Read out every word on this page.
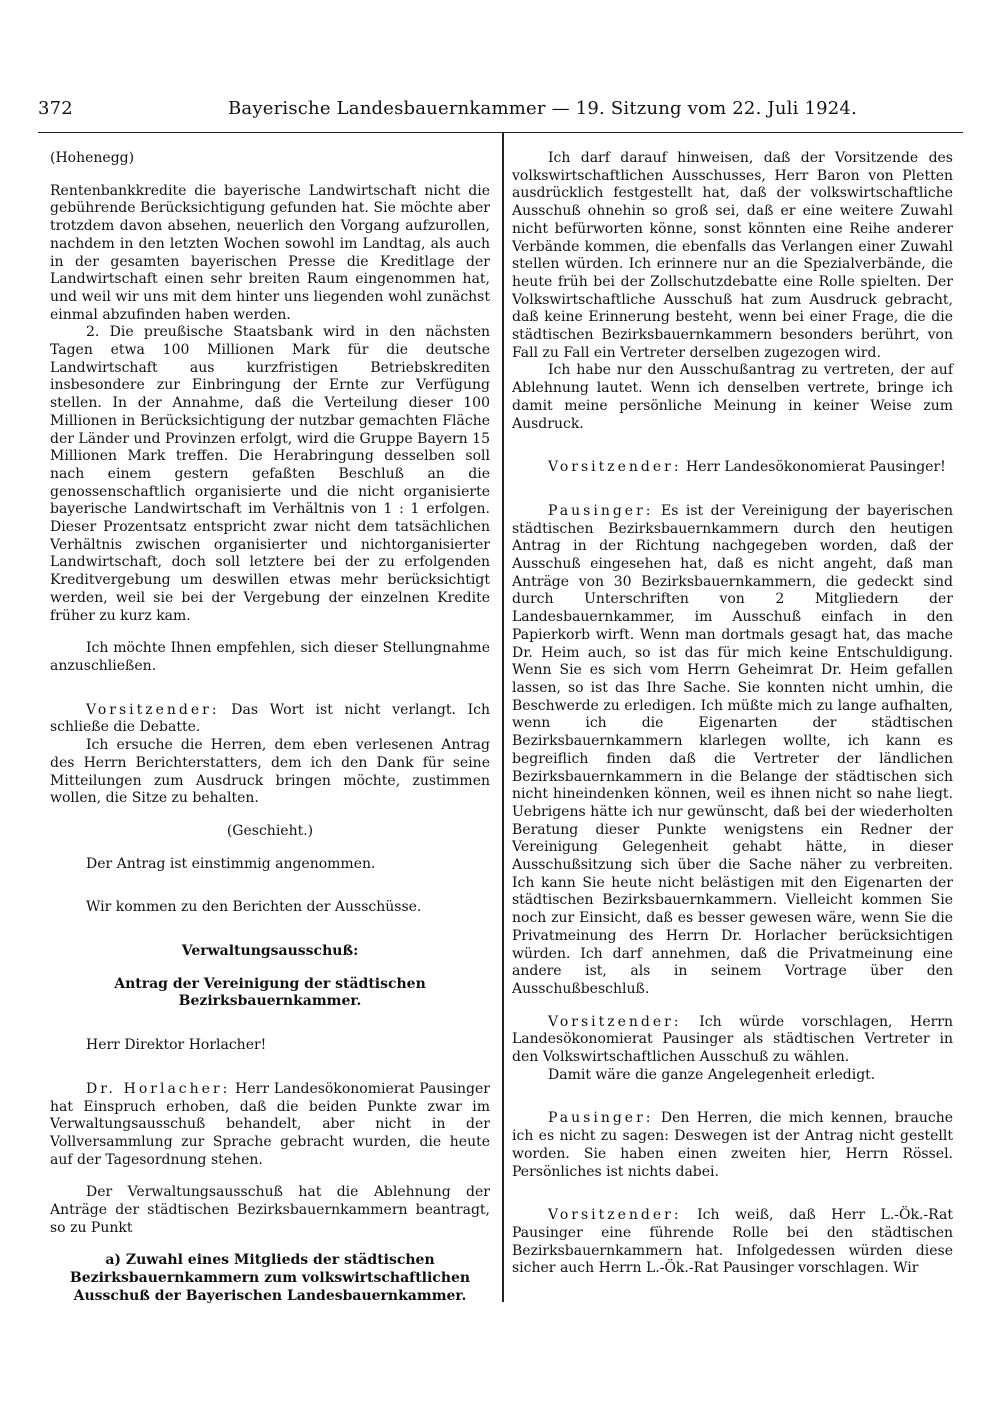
372	Bayerische Landesbauernkammer — 19. Sitzung vom 22. Juli 1924.

(Hohenegg)

Rentenbankkredite die bayerische Landwirtschaft nicht die gebührende Berücksichtigung gefunden hat. Sie möchte aber trotzdem davon absehen, neuerlich den Vorgang aufzurollen, nachdem in den letzten Wochen sowohl im Landtag, als auch in der gesamten bayerischen Presse die Kreditlage der Landwirtschaft einen sehr breiten Raum eingenommen hat, und weil wir uns mit dem hinter uns liegenden wohl zunächst einmal abzufinden haben werden.

2. Die preußische Staatsbank wird in den nächsten Tagen etwa 100 Millionen Mark für die deutsche Landwirtschaft aus kurzfristigen Betriebskrediten insbesondere zur Einbringung der Ernte zur Verfügung stellen. In der Annahme, daß die Verteilung dieser 100 Millionen in Berücksichtigung der nutzbar gemachten Fläche der Länder und Provinzen erfolgt, wird die Gruppe Bayern 15 Millionen Mark treffen. Die Herabringung desselben soll nach einem gestern gefaßten Beschluß an die genossenschaftlich organisierte und die nicht organisierte bayerische Landwirtschaft im Verhältnis von 1 : 1 erfolgen. Dieser Prozentsatz entspricht zwar nicht dem tatsächlichen Verhältnis zwischen organisierter und nichtorganisierter Landwirtschaft, doch soll letztere bei der zu erfolgenden Kreditvergebung um deswillen etwas mehr berücksichtigt werden, weil sie bei der Vergebung der einzelnen Kredite früher zu kurz kam.

Ich möchte Ihnen empfehlen, sich dieser Stellungnahme anzuschließen.

Vorsitzender: Das Wort ist nicht verlangt. Ich schließe die Debatte.

Ich ersuche die Herren, dem eben verlesenen Antrag des Herrn Berichterstatters, dem ich den Dank für seine Mitteilungen zum Ausdruck bringen möchte, zustimmen wollen, die Sitze zu behalten.

(Geschieht.)

Der Antrag ist einstimmig angenommen.

Wir kommen zu den Berichten der Ausschüsse.

Verwaltungsausschuß:

Antrag der Vereinigung der städtischen Bezirksbauernkammer.

Herr Direktor Horlacher!

Dr. Horlacher: Herr Landesökonomierat Pausinger hat Einspruch erhoben, daß die beiden Punkte zwar im Verwaltungsausschuß behandelt, aber nicht in der Vollversammlung zur Sprache gebracht wurden, die heute auf der Tagesordnung stehen.

Der Verwaltungsausschuß hat die Ablehnung der Anträge der städtischen Bezirksbauernkammern beantragt, so zu Punkt

a) Zuwahl eines Mitglieds der städtischen Bezirksbauernkammern zum volkswirtschaftlichen Ausschuß der Bayerischen Landesbauernkammer.

Ich darf darauf hinweisen, daß der Vorsitzende des volkswirtschaftlichen Ausschusses, Herr Baron von Pletten ausdrücklich festgestellt hat, daß der volkswirtschaftliche Ausschuß ohnehin so groß sei, daß er eine weitere Zuwahl nicht befürworten könne, sonst könnten eine Reihe anderer Verbände kommen, die ebenfalls das Verlangen einer Zuwahl stellen würden. Ich erinnere nur an die Spezialverbände, die heute früh bei der Zollschutzdebatte eine Rolle spielten. Der Volkswirtschaftliche Ausschuß hat zum Ausdruck gebracht, daß keine Erinnerung besteht, wenn bei einer Frage, die die städtischen Bezirksbauernkammern besonders berührt, von Fall zu Fall ein Vertreter derselben zugezogen wird.

Ich habe nur den Ausschußantrag zu vertreten, der auf Ablehnung lautet. Wenn ich denselben vertrete, bringe ich damit meine persönliche Meinung in keiner Weise zum Ausdruck.

Vorsitzender: Herr Landesökonomierat Pausinger!

Pausinger: Es ist der Vereinigung der bayerischen städtischen Bezirksbauernkammern durch den heutigen Antrag in der Richtung nachgegeben worden, daß der Ausschuß eingesehen hat, daß es nicht angeht, daß man Anträge von 30 Bezirksbauernkammern, die gedeckt sind durch Unterschriften von 2 Mitgliedern der Landesbauernkammer, im Ausschuß einfach in den Papierkorb wirft. Wenn man dortmals gesagt hat, das mache Dr. Heim auch, so ist das für mich keine Entschuldigung. Wenn Sie es sich vom Herrn Geheimrat Dr. Heim gefallen lassen, so ist das Ihre Sache. Sie konnten nicht umhin, die Beschwerde zu erledigen. Ich müßte mich zu lange aufhalten, wenn ich die Eigenarten der städtischen Bezirksbauernkammern klarlegen wollte, ich kann es begreiflich finden daß die Vertreter der ländlichen Bezirksbauernkammern in die Belange der städtischen sich nicht hineindenken können, weil es ihnen nicht so nahe liegt. Uebrigens hätte ich nur gewünscht, daß bei der wiederholten Beratung dieser Punkte wenigstens ein Redner der Vereinigung Gelegenheit gehabt hätte, in dieser Ausschußsitzung sich über die Sache näher zu verbreiten. Ich kann Sie heute nicht belästigen mit den Eigenarten der städtischen Bezirksbauernkammern. Vielleicht kommen Sie noch zur Einsicht, daß es besser gewesen wäre, wenn Sie die Privatmeinung des Herrn Dr. Horlacher berücksichtigen würden. Ich darf annehmen, daß die Privatmeinung eine andere ist, als in seinem Vortrage über den Ausschußbeschluß.

Vorsitzender: Ich würde vorschlagen, Herrn Landesökonomierat Pausinger als städtischen Vertreter in den Volkswirtschaftlichen Ausschuß zu wählen.

Damit wäre die ganze Angelegenheit erledigt.

Pausinger: Den Herren, die mich kennen, brauche ich es nicht zu sagen: Deswegen ist der Antrag nicht gestellt worden. Sie haben einen zweiten hier, Herrn Rössel. Persönliches ist nichts dabei.

Vorsitzender: Ich weiß, daß Herr L.-Ök.-Rat Pausinger eine führende Rolle bei den städtischen Bezirksbauernkammern hat. Infolgedessen würden diese sicher auch Herrn L.-Ök.-Rat Pausinger vorschlagen. Wir
